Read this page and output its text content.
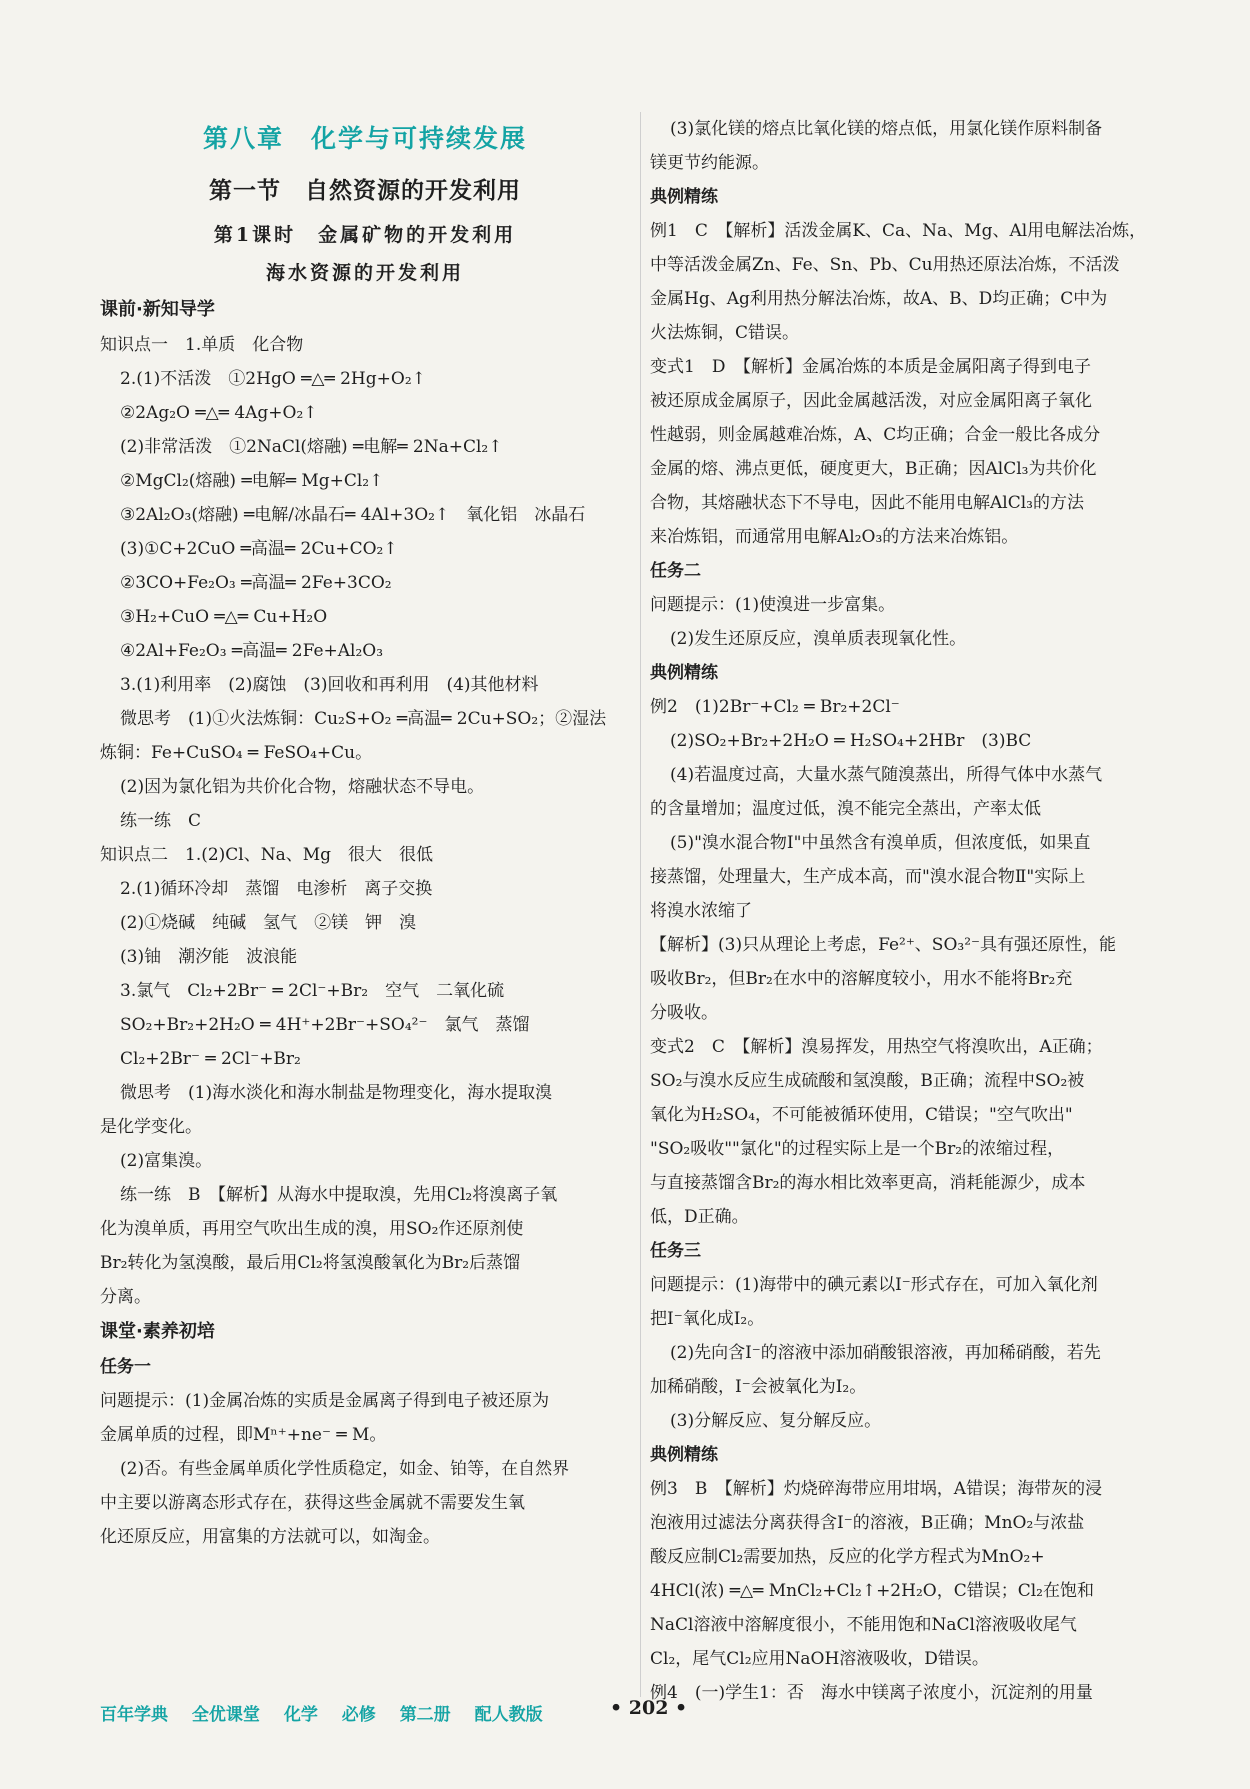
第八章　化学与可持续发展
第一节　自然资源的开发利用
第1课时　金属矿物的开发利用
海水资源的开发利用
课前·新知导学
知识点一　1.单质　化合物
2.(1)不活泼　①2HgO ═△═ 2Hg+O₂↑
②2Ag₂O ═△═ 4Ag+O₂↑
(2)非常活泼　①2NaCl(熔融) ═电解═ 2Na+Cl₂↑
②MgCl₂(熔融) ═电解═ Mg+Cl₂↑
③2Al₂O₃(熔融) ═电解/冰晶石═ 4Al+3O₂↑　氧化铝　冰晶石
(3)①C+2CuO ═高温═ 2Cu+CO₂↑
②3CO+Fe₂O₃ ═高温═ 2Fe+3CO₂
③H₂+CuO ═△═ Cu+H₂O
④2Al+Fe₂O₃ ═高温═ 2Fe+Al₂O₃
3.(1)利用率　(2)腐蚀　(3)回收和再利用　(4)其他材料
微思考　(1)①火法炼铜：Cu₂S+O₂ ═高温═ 2Cu+SO₂；②湿法
炼铜：Fe+CuSO₄ ═ FeSO₄+Cu。
(2)因为氯化铝为共价化合物，熔融状态不导电。
练一练　C
知识点二　1.(2)Cl、Na、Mg　很大　很低
2.(1)循环冷却　蒸馏　电渗析　离子交换
(2)①烧碱　纯碱　氢气　②镁　钾　溴
(3)铀　潮汐能　波浪能
3.氯气　Cl₂+2Br⁻ ═ 2Cl⁻+Br₂　空气　二氧化硫
SO₂+Br₂+2H₂O ═ 4H⁺+2Br⁻+SO₄²⁻　氯气　蒸馏
Cl₂+2Br⁻ ═ 2Cl⁻+Br₂
微思考　(1)海水淡化和海水制盐是物理变化，海水提取溴
是化学变化。
(2)富集溴。
练一练　B　【解析】从海水中提取溴，先用Cl₂将溴离子氧
化为溴单质，再用空气吹出生成的溴，用SO₂作还原剂使
Br₂转化为氢溴酸，最后用Cl₂将氢溴酸氧化为Br₂后蒸馏
分离。
课堂·素养初培
任务一
问题提示：(1)金属冶炼的实质是金属离子得到电子被还原为
金属单质的过程，即Mⁿ⁺+ne⁻ ═ M。
(2)否。有些金属单质化学性质稳定，如金、铂等，在自然界
中主要以游离态形式存在，获得这些金属就不需要发生氧
化还原反应，用富集的方法就可以，如淘金。
(3)氯化镁的熔点比氧化镁的熔点低，用氯化镁作原料制备
镁更节约能源。
典例精练
例1　C　【解析】活泼金属K、Ca、Na、Mg、Al用电解法冶炼，
中等活泼金属Zn、Fe、Sn、Pb、Cu用热还原法冶炼，不活泼
金属Hg、Ag利用热分解法冶炼，故A、B、D均正确；C中为
火法炼铜，C错误。
变式1　D　【解析】金属冶炼的本质是金属阳离子得到电子
被还原成金属原子，因此金属越活泼，对应金属阳离子氧化
性越弱，则金属越难冶炼，A、C均正确；合金一般比各成分
金属的熔、沸点更低，硬度更大，B正确；因AlCl₃为共价化
合物，其熔融状态下不导电，因此不能用电解AlCl₃的方法
来冶炼铝，而通常用电解Al₂O₃的方法来冶炼铝。
任务二
问题提示：(1)使溴进一步富集。
(2)发生还原反应，溴单质表现氧化性。
典例精练
例2　(1)2Br⁻+Cl₂ ═ Br₂+2Cl⁻
(2)SO₂+Br₂+2H₂O ═ H₂SO₄+2HBr　(3)BC
(4)若温度过高，大量水蒸气随溴蒸出，所得气体中水蒸气
的含量增加；温度过低，溴不能完全蒸出，产率太低
(5)"溴水混合物Ⅰ"中虽然含有溴单质，但浓度低，如果直
接蒸馏，处理量大，生产成本高，而"溴水混合物Ⅱ"实际上
将溴水浓缩了
【解析】(3)只从理论上考虑，Fe²⁺、SO₃²⁻具有强还原性，能
吸收Br₂，但Br₂在水中的溶解度较小，用水不能将Br₂充
分吸收。
变式2　C　【解析】溴易挥发，用热空气将溴吹出，A正确；
SO₂与溴水反应生成硫酸和氢溴酸，B正确；流程中SO₂被
氧化为H₂SO₄，不可能被循环使用，C错误；"空气吹出"
"SO₂吸收""氯化"的过程实际上是一个Br₂的浓缩过程，
与直接蒸馏含Br₂的海水相比效率更高，消耗能源少，成本
低，D正确。
任务三
问题提示：(1)海带中的碘元素以I⁻形式存在，可加入氧化剂
把I⁻氧化成I₂。
(2)先向含I⁻的溶液中添加硝酸银溶液，再加稀硝酸，若先
加稀硝酸，I⁻会被氧化为I₂。
(3)分解反应、复分解反应。
典例精练
例3　B　【解析】灼烧碎海带应用坩埚，A错误；海带灰的浸
泡液用过滤法分离获得含I⁻的溶液，B正确；MnO₂与浓盐
酸反应制Cl₂需要加热，反应的化学方程式为MnO₂+
4HCl(浓) ═△═ MnCl₂+Cl₂↑+2H₂O，C错误；Cl₂在饱和
NaCl溶液中溶解度很小，不能用饱和NaCl溶液吸收尾气
Cl₂，尾气Cl₂应用NaOH溶液吸收，D错误。
例4　(一)学生1：否　海水中镁离子浓度小，沉淀剂的用量
百年学典 全优课堂 化学 必修 第二册 配人教版	• 202 •
